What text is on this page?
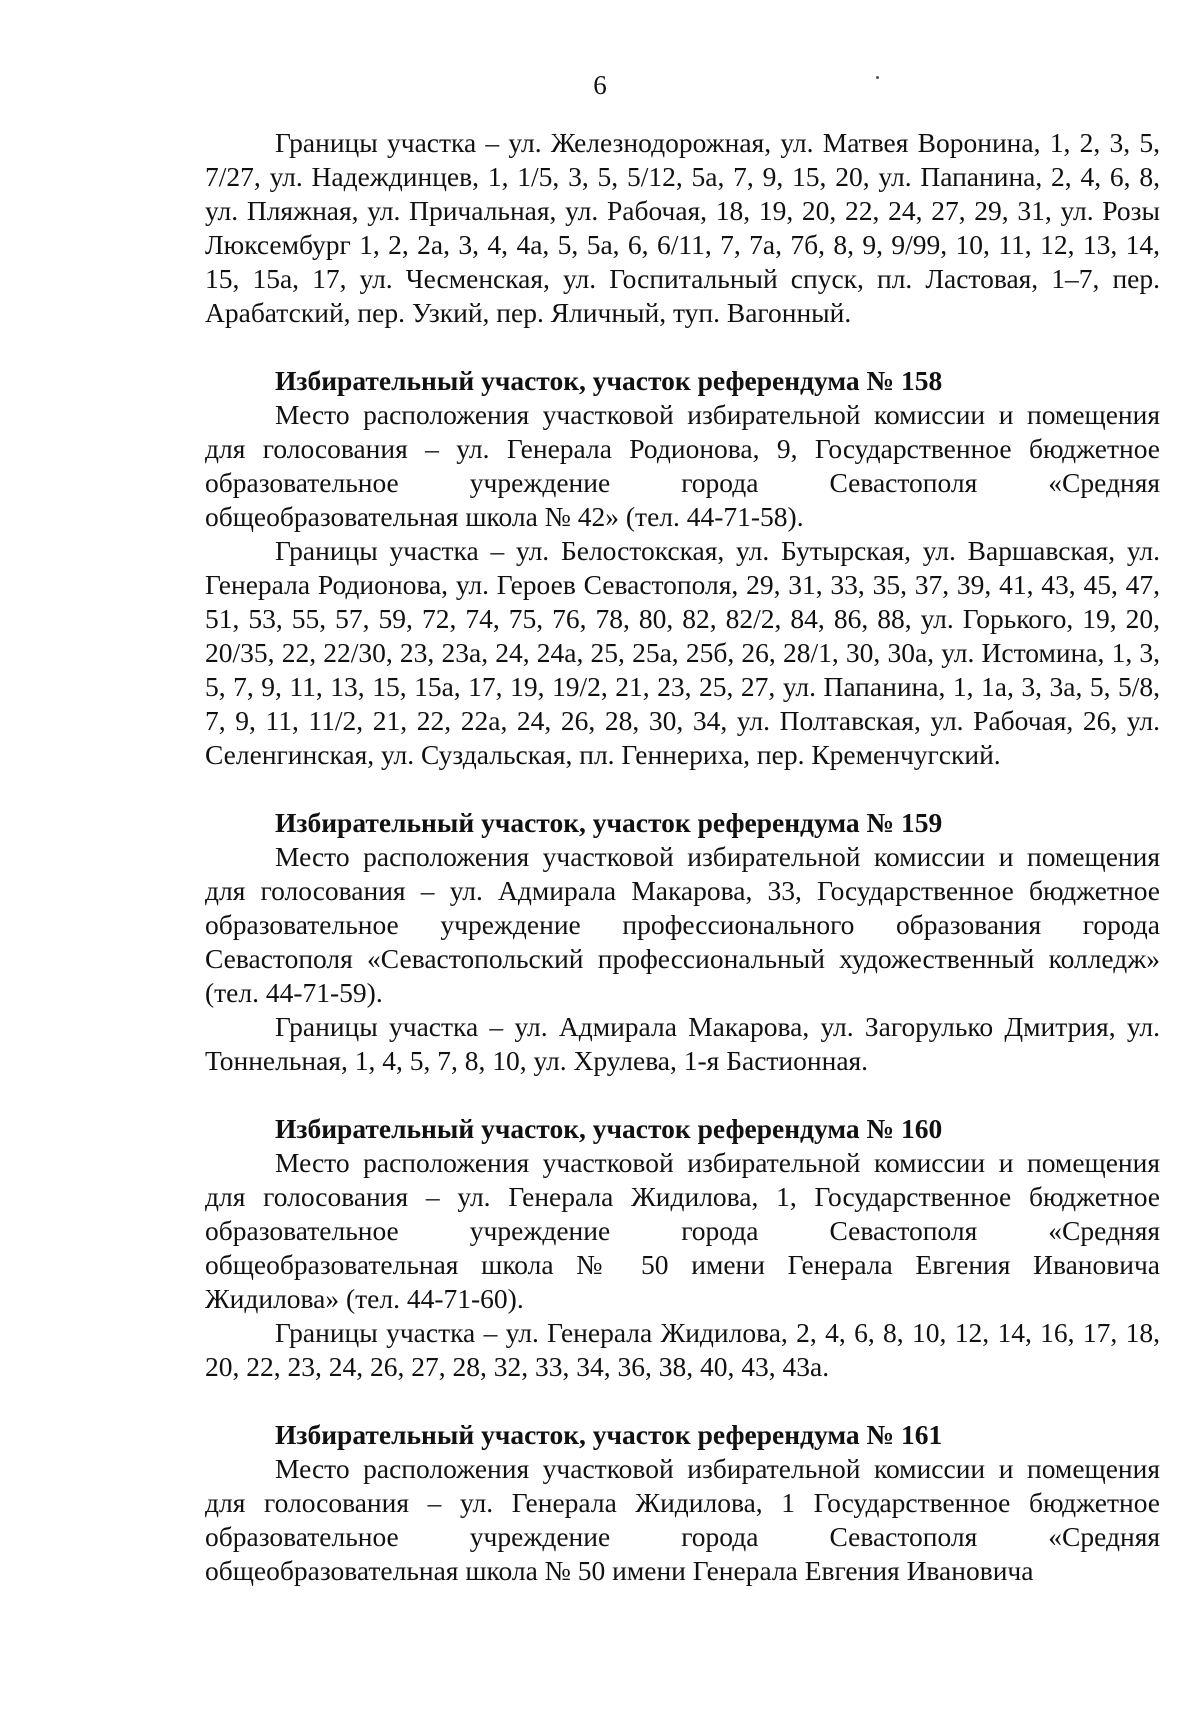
6

Границы участка – ул. Железнодорожная, ул. Матвея Воронина, 1, 2, 3, 5, 7/27, ул. Надеждинцев, 1, 1/5, 3, 5, 5/12, 5а, 7, 9, 15, 20, ул. Папанина, 2, 4, 6, 8, ул. Пляжная, ул. Причальная, ул. Рабочая, 18, 19, 20, 22, 24, 27, 29, 31, ул. Розы Люксембург 1, 2, 2а, 3, 4, 4а, 5, 5а, 6, 6/11, 7, 7а, 7б, 8, 9, 9/99, 10, 11, 12, 13, 14, 15, 15а, 17, ул. Чесменская, ул. Госпитальный спуск, пл. Ластовая, 1–7, пер. Арабатский, пер. Узкий, пер. Яличный, туп. Вагонный.

Избирательный участок, участок референдума № 158

Место расположения участковой избирательной комиссии и помещения для голосования – ул. Генерала Родионова, 9, Государственное бюджетное образовательное учреждение города Севастополя «Средняя общеобразовательная школа № 42» (тел. 44-71-58).

Границы участка – ул. Белостокская, ул. Бутырская, ул. Варшавская, ул. Генерала Родионова, ул. Героев Севастополя, 29, 31, 33, 35, 37, 39, 41, 43, 45, 47, 51, 53, 55, 57, 59, 72, 74, 75, 76, 78, 80, 82, 82/2, 84, 86, 88, ул. Горького, 19, 20, 20/35, 22, 22/30, 23, 23а, 24, 24а, 25, 25а, 25б, 26, 28/1, 30, 30а, ул. Истомина, 1, 3, 5, 7, 9, 11, 13, 15, 15а, 17, 19, 19/2, 21, 23, 25, 27, ул. Папанина, 1, 1а, 3, 3а, 5, 5/8, 7, 9, 11, 11/2, 21, 22, 22а, 24, 26, 28, 30, 34, ул. Полтавская, ул. Рабочая, 26, ул. Селенгинская, ул. Суздальская, пл. Геннериха, пер. Кременчугский.

Избирательный участок, участок референдума № 159

Место расположения участковой избирательной комиссии и помещения для голосования – ул. Адмирала Макарова, 33, Государственное бюджетное образовательное учреждение профессионального образования города Севастополя «Севастопольский профессиональный художественный колледж» (тел. 44-71-59).

Границы участка – ул. Адмирала Макарова, ул. Загорулько Дмитрия, ул. Тоннельная, 1, 4, 5, 7, 8, 10, ул. Хрулева, 1-я Бастионная.

Избирательный участок, участок референдума № 160

Место расположения участковой избирательной комиссии и помещения для голосования – ул. Генерала Жидилова, 1, Государственное бюджетное образовательное учреждение города Севастополя «Средняя общеобразовательная школа № 50 имени Генерала Евгения Ивановича Жидилова» (тел. 44-71-60).

Границы участка – ул. Генерала Жидилова, 2, 4, 6, 8, 10, 12, 14, 16, 17, 18, 20, 22, 23, 24, 26, 27, 28, 32, 33, 34, 36, 38, 40, 43, 43а.

Избирательный участок, участок референдума № 161

Место расположения участковой избирательной комиссии и помещения для голосования – ул. Генерала Жидилова, 1 Государственное бюджетное образовательное учреждение города Севастополя «Средняя общеобразовательная школа № 50 имени Генерала Евгения Ивановича
